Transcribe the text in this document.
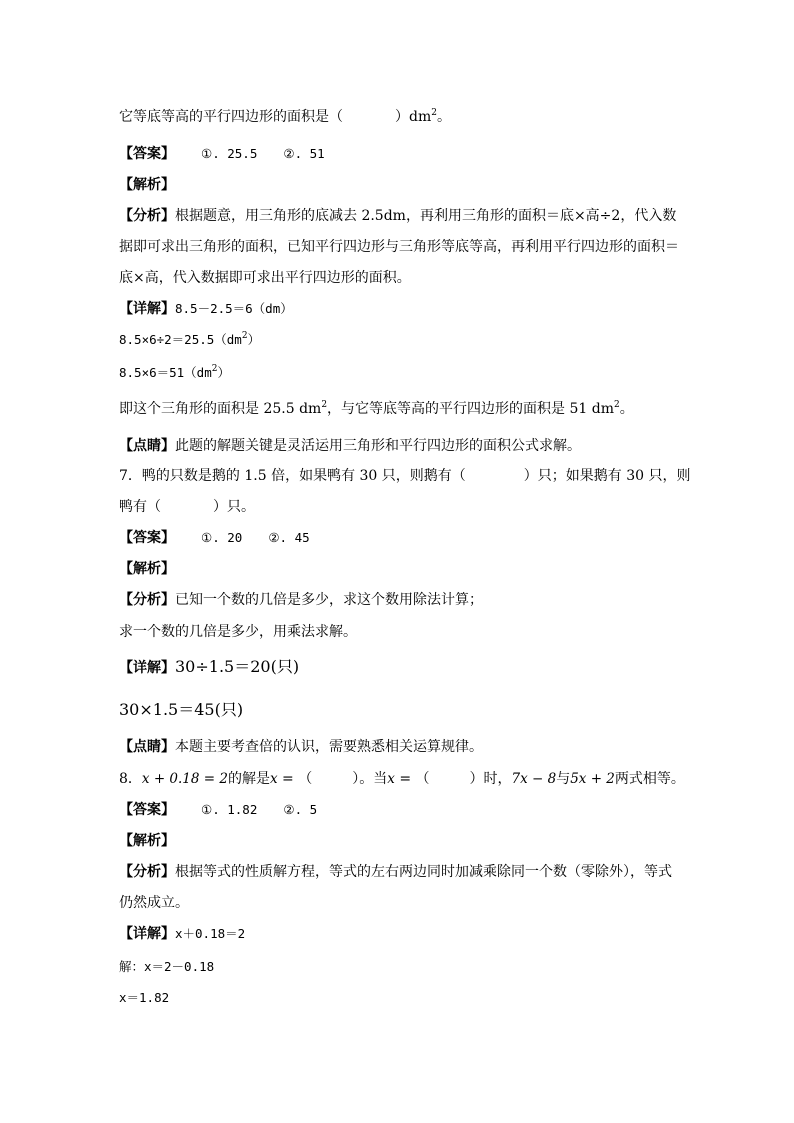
它等底等高的平行四边形的面积是（	）$dm^2$。
【答案】 ①. 25.5 ②. 51
【解析】
【分析】根据题意，用三角形的底减去 2.5dm，再利用三角形的面积＝底×高÷2，代入数
据即可求出三角形的面积，已知平行四边形与三角形等底等高，再利用平行四边形的面积＝
底×高，代入数据即可求出平行四边形的面积。
【详解】8.5－2.5＝6（dm）
$8.5\times 6\div 2=25.5(dm^2)$
$8.5\times 6=51(dm^2)$
即这个三角形的面积是 25.5 $dm^2$，与它等底等高的平行四边形的面积是 51 $dm^2$。
【点睛】此题的解题关键是灵活运用三角形和平行四边形的面积公式求解。
7．鸭的只数是鹅的 1.5 倍，如果鸭有 30 只，则鹅有（	）只；如果鹅有 30 只，则
鸭有（	）只。
【答案】 ①. 20 ②. 45
【解析】
【分析】已知一个数的几倍是多少，求这个数用除法计算；
求一个数的几倍是多少，用乘法求解。
【详解】30÷1.5＝20(只)
30×1.5＝45(只)
【点睛】本题主要考查倍的认识，需要熟悉相关运算规律。
8．x + 0.18 = 2的解是x = （	）。当x = （	）时，7x − 8与5x + 2两式相等。
【答案】 ①. 1.82 ②. 5
【解析】
【分析】根据等式的性质解方程，等式的左右两边同时加减乘除同一个数（零除外），等式
仍然成立。
【详解】x＋0.18＝2
解：x＝2－0.18
x＝1.82
